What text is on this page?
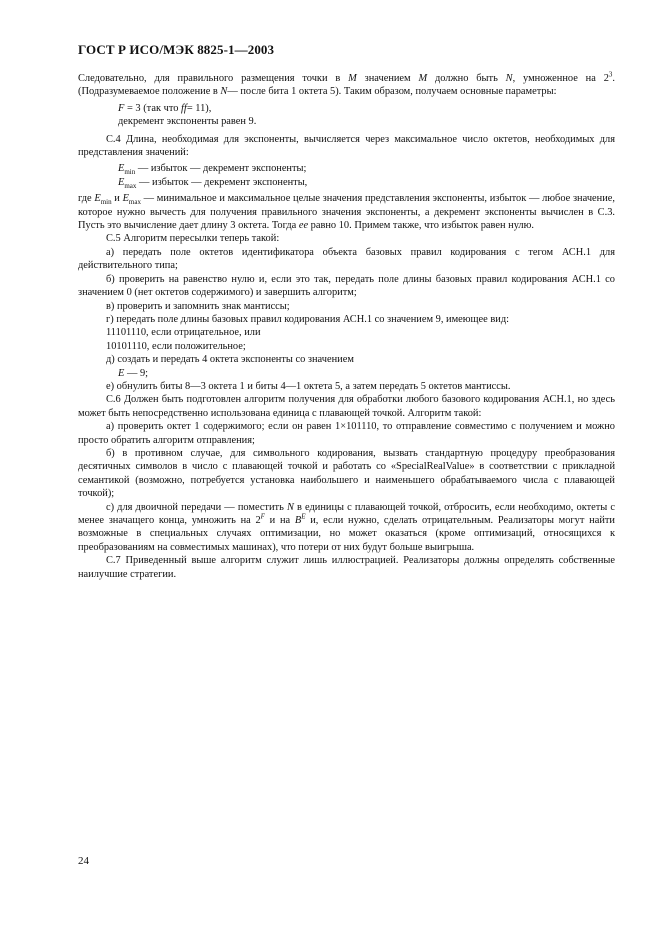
ГОСТ Р ИСО/МЭК 8825-1—2003

Следовательно, для правильного размещения точки в M значением M должно быть N, умноженное на $2^3$. (Подразумеваемое положение в N— после бита 1 октета 5). Таким образом, получаем основные параметры:

F = 3 (так что ff= 11),
декремент экспоненты равен 9.

С.4 Длина, необходимая для экспоненты, вычисляется через максимальное число октетов, необходимых для представления значений:

$E_{min}$ — избыток — декремент экспоненты;
$E_{max}$ — избыток — декремент экспоненты,

где $E_{min}$ и $E_{max}$ — минимальное и максимальное целые значения представления экспоненты, избыток — любое значение, которое нужно вычесть для получения правильного значения экспоненты, а декремент экспоненты вычислен в С.3. Пусть это вычисление дает длину 3 октета. Тогда ee равно 10. Примем также, что избыток равен нулю.

С.5 Алгоритм пересылки теперь такой:

а) передать поле октетов идентификатора объекта базовых правил кодирования с тегом АСН.1 для действительного типа;

б) проверить на равенство нулю и, если это так, передать поле длины базовых правил кодирования АСН.1 со значением 0 (нет октетов содержимого) и завершить алгоритм;

в) проверить и запомнить знак мантиссы;

г) передать поле длины базовых правил кодирования АСН.1 со значением 9, имеющее вид:

11101110, если отрицательное, или

10101110, если положительное;

д) создать и передать 4 октета экспоненты со значением

E — 9;

е) обнулить биты 8—3 октета 1 и биты 4—1 октета 5, а затем передать 5 октетов мантиссы.

С.6 Должен быть подготовлен алгоритм получения для обработки любого базового кодирования АСН.1, но здесь может быть непосредственно использована единица с плавающей точкой. Алгоритм такой:

а) проверить октет 1 содержимого; если он равен 1×101110, то отправление совместимо с получением и можно просто обратить алгоритм отправления;

б) в противном случае, для символьного кодирования, вызвать стандартную процедуру преобразования десятичных символов в число с плавающей точкой и работать со «SpecialRealValue» в соответствии с прикладной семантикой (возможно, потребуется установка наибольшего и наименьшего обрабатываемого числа с плавающей точкой);

с) для двоичной передачи — поместить N в единицы с плавающей точкой, отбросить, если необходимо, октеты с менее значащего конца, умножить на $2^F$ и на $B^E$ и, если нужно, сделать отрицательным. Реализаторы могут найти возможные в специальных случаях оптимизации, но может оказаться (кроме оптимизаций, относящихся к преобразованиям на совместимых машинах), что потери от них будут больше выигрыша.

С.7 Приведенный выше алгоритм служит лишь иллюстрацией. Реализаторы должны определять собственные наилучшие стратегии.

24
